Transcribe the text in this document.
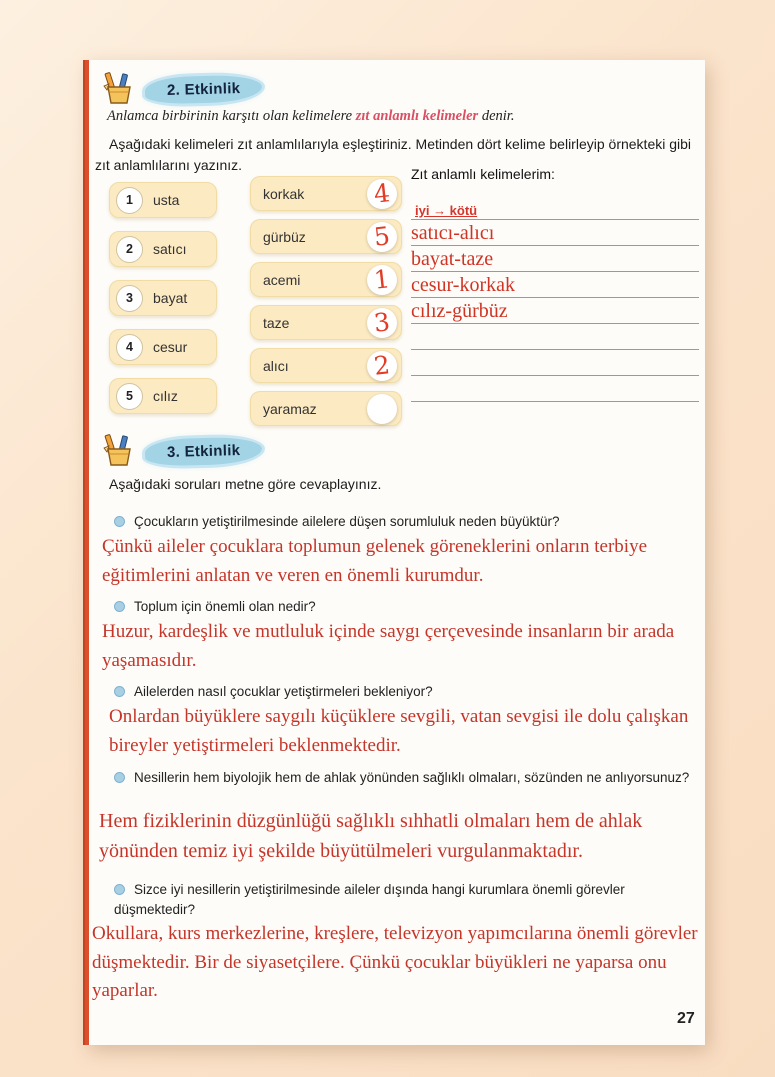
2. Etkinlik

Anlamca birbirinin karşıtı olan kelimelere zıt anlamlı kelimeler denir.

Aşağıdaki kelimeleri zıt anlamlılarıyla eşleştiriniz. Metinden dört kelime belirleyip örnekteki gibi zıt anlamlılarını yazınız.

1	usta
2	satıcı
3	bayat
4	cesur
5	cılız
korkak	4
gürbüz	5
acemi	1
taze	3
alıcı	2
yaramaz
Zıt anlamlı kelimelerim:
iyi → kötü
satıcı-alıcı
bayat-taze
cesur-korkak
cılız-gürbüz
3. Etkinlik

Aşağıdaki soruları metne göre cevaplayınız.

Çocukların yetiştirilmesinde ailelere düşen sorumluluk neden büyüktür?

Çünkü aileler çocuklara toplumun gelenek göreneklerini onların terbiye eğitimlerini anlatan ve veren en önemli kurumdur.

Toplum için önemli olan nedir?

Huzur, kardeşlik ve mutluluk içinde saygı çerçevesinde insanların bir arada yaşamasıdır.

Ailelerden nasıl çocuklar yetiştirmeleri bekleniyor?

Onlardan büyüklere saygılı küçüklere sevgili, vatan sevgisi ile dolu çalışkan bireyler yetiştirmeleri beklenmektedir.

Nesillerin hem biyolojik hem de ahlak yönünden sağlıklı olmaları, sözünden ne anlıyorsunuz?

Hem fiziklerinin düzgünlüğü sağlıklı sıhhatli olmaları hem de ahlak yönünden temiz iyi şekilde büyütülmeleri vurgulanmaktadır.

Sizce iyi nesillerin yetiştirilmesinde aileler dışında hangi kurumlara önemli görevler düşmektedir?

Okullara, kurs merkezlerine, kreşlere, televizyon yapımcılarına önemli görevler düşmektedir. Bir de siyasetçilere. Çünkü çocuklar büyükleri ne yaparsa onu yaparlar.

27
